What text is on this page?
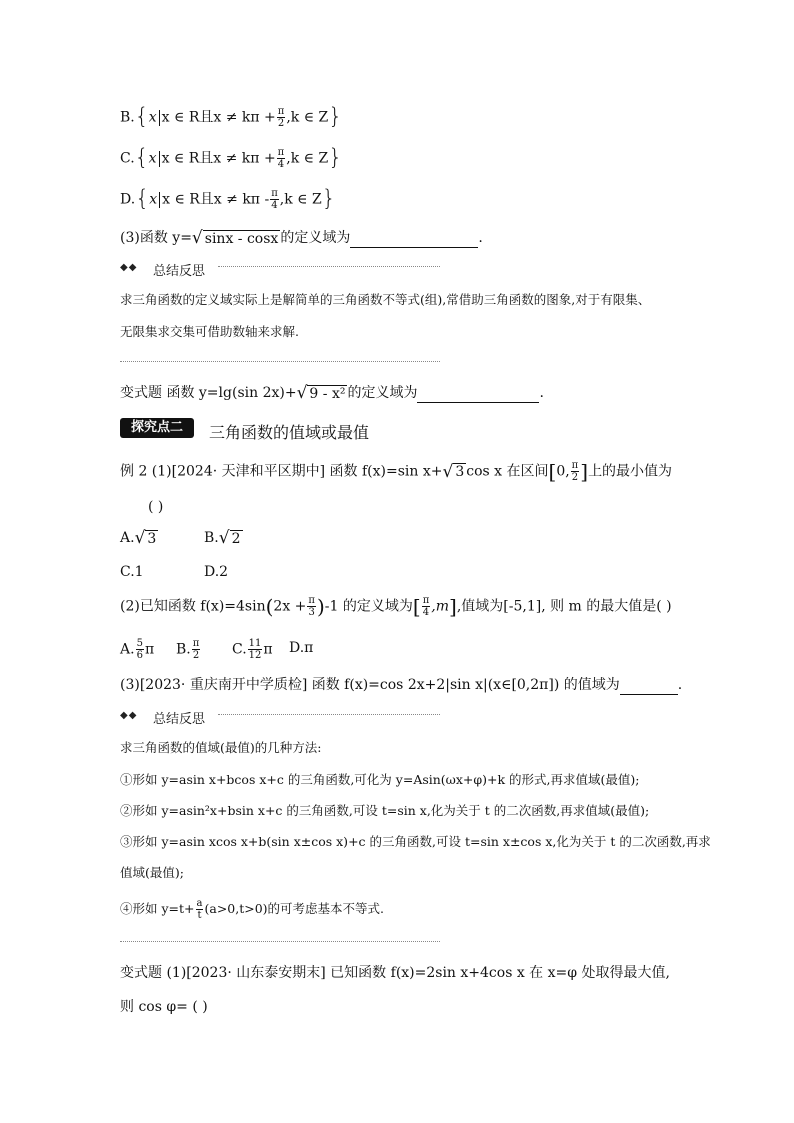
B.{x x ∈ R且$x \ne k\pi + \frac{\pi}{2} ,k$ ∈ Z}
C.{x x ∈ R且$x \ne k\pi + \frac{\pi}{4} ,k$ ∈ Z}
D.{x x ∈ R且$x \ne k\pi - \frac{\pi}{4} ,k$ ∈ Z}
(3)函数 y=√ sinx - cosx 的定义域为	.
◆◆ 总结反思
求三角函数的定义域实际上是解简单的三角函数不等式(组),常借助三角函数的图象,对于有限集、
无限集求交集可借助数轴来求解.
变式题 函数 y=lg(sin 2x)+√ 9 - x² 的定义域为	.
探究点二	三角函数的值域或最值
例 2 (1)[2024· 天津和平区期中] 函数 f(x)=sin x+√ 3 cos x 在区间[0, $\frac{\pi}{2}$ ]上的最小值为
( )
A.√ 3	B.√ 2
C.1	D.2
(2)已知函数 $f(x)=4\sin(2x + \frac{\pi}{3} )-1$ 的定义域为[ $\frac{\pi}{4} ,m$],值域为[-5,1], 则 m 的最大值是( )
A. $\frac{5}{6}$ π B. $\frac{\pi}{2} C$. $\frac{11}{12}$ π D.π
(3)[2023· 重庆南开中学质检] 函数 f(x)=cos 2x+2|sin x|(x∈[0,2π]) 的值域为	.
◆◆ 总结反思
求三角函数的值域(最值)的几种方法:
①形如 y=asin x+bcos x+c 的三角函数,可化为 y=Asin(ωx+φ)+k 的形式,再求值域(最值);
②形如 y=asin²x+bsin x+c 的三角函数,可设 t=sin x,化为关于 t 的二次函数,再求值域(最值);
③形如 y=asin xcos x+b(sin x±cos x)+c 的三角函数,可设 t=sin x±cos x,化为关于 t 的二次函数,再求
值域(最值);
④形如 $y=t+ \frac{a}{t} (a>0,t>0)$的可考虑基本不等式.
变式题 (1)[2023· 山东泰安期末] 已知函数 f(x)=2sin x+4cos x 在 x=φ 处取得最大值,
则 cos φ= ( )
